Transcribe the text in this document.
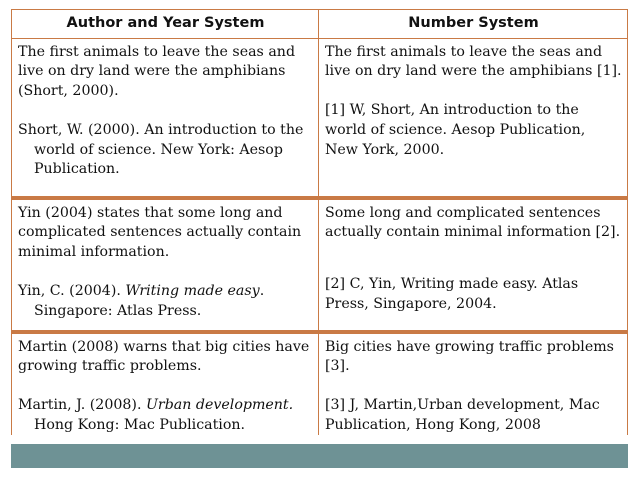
Author and Year System	Number System

The first animals to leave the seas and live on dry land were the amphibians (Short, 2000).

Short, W. (2000). An introduction to the world of science. New York: Aesop Publication.

The first animals to leave the seas and live on dry land were the amphibians [1].

[1] W, Short, An introduction to the world of science. Aesop Publication, New York, 2000.

Yin (2004) states that some long and complicated sentences actually contain minimal information.

Yin, C. (2004). Writing made easy. Singapore: Atlas Press.

Some long and complicated sentences actually contain minimal information [2].

[2] C, Yin, Writing made easy. Atlas Press, Singapore, 2004.

Martin (2008) warns that big cities have growing traffic problems.

Martin, J. (2008). Urban development. Hong Kong: Mac Publication.

Big cities have growing traffic problems [3].

[3] J, Martin,Urban development, Mac Publication, Hong Kong, 2008
